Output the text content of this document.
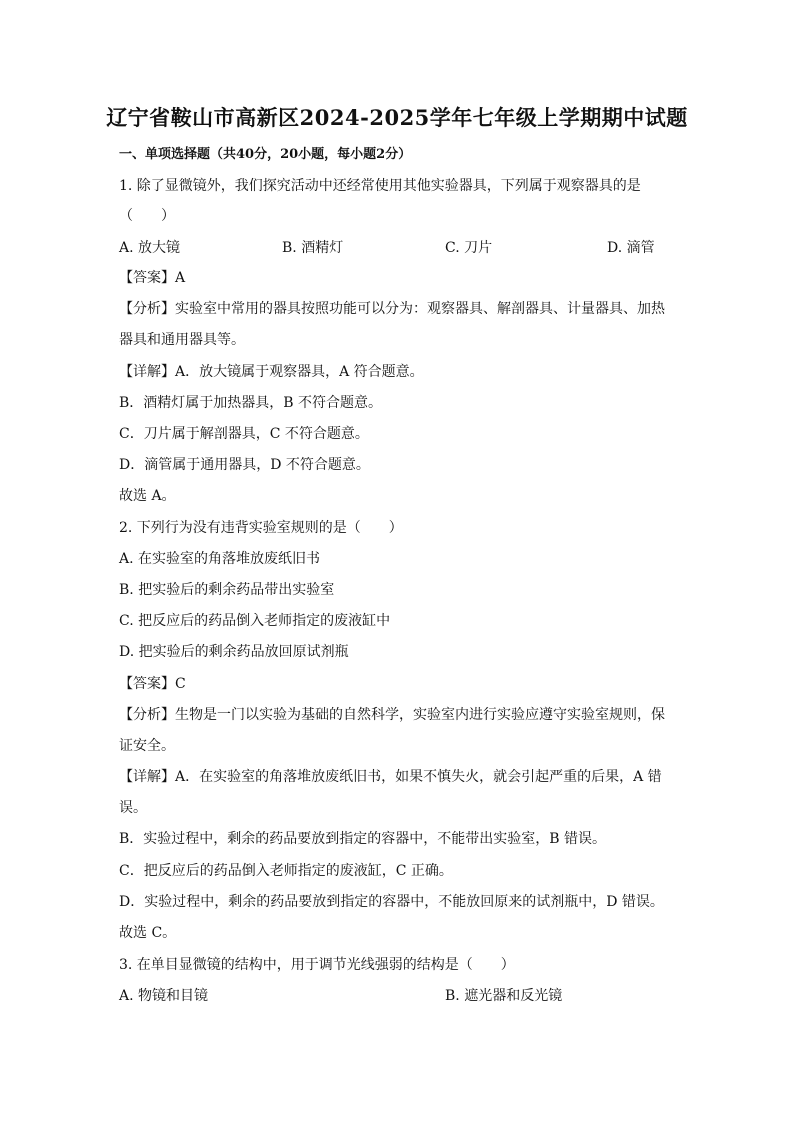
辽宁省鞍山市高新区2024-2025学年七年级上学期期中试题
一、单项选择题（共40分，20小题，每小题2分）
1. 除了显微镜外，我们探究活动中还经常使用其他实验器具，下列属于观察器具的是
（　　）
A. 放大镜	B. 酒精灯	C. 刀片	D. 滴管
【答案】A
【分析】实验室中常用的器具按照功能可以分为：观察器具、解剖器具、计量器具、加热
器具和通用器具等。
【详解】A．放大镜属于观察器具，A 符合题意。
B．酒精灯属于加热器具，B 不符合题意。
C．刀片属于解剖器具，C 不符合题意。
D．滴管属于通用器具，D 不符合题意。
故选 A。
2. 下列行为没有违背实验室规则的是（　　）
A. 在实验室的角落堆放废纸旧书
B. 把实验后的剩余药品带出实验室
C. 把反应后的药品倒入老师指定的废液缸中
D. 把实验后的剩余药品放回原试剂瓶
【答案】C
【分析】生物是一门以实验为基础的自然科学，实验室内进行实验应遵守实验室规则，保
证安全。
【详解】A．在实验室的角落堆放废纸旧书，如果不慎失火，就会引起严重的后果，A 错
误。
B．实验过程中，剩余的药品要放到指定的容器中，不能带出实验室，B 错误。
C．把反应后的药品倒入老师指定的废液缸，C 正确。
D．实验过程中，剩余的药品要放到指定的容器中，不能放回原来的试剂瓶中，D 错误。
故选 C。
3. 在单目显微镜的结构中，用于调节光线强弱的结构是（　　）
A. 物镜和目镜	B. 遮光器和反光镜
